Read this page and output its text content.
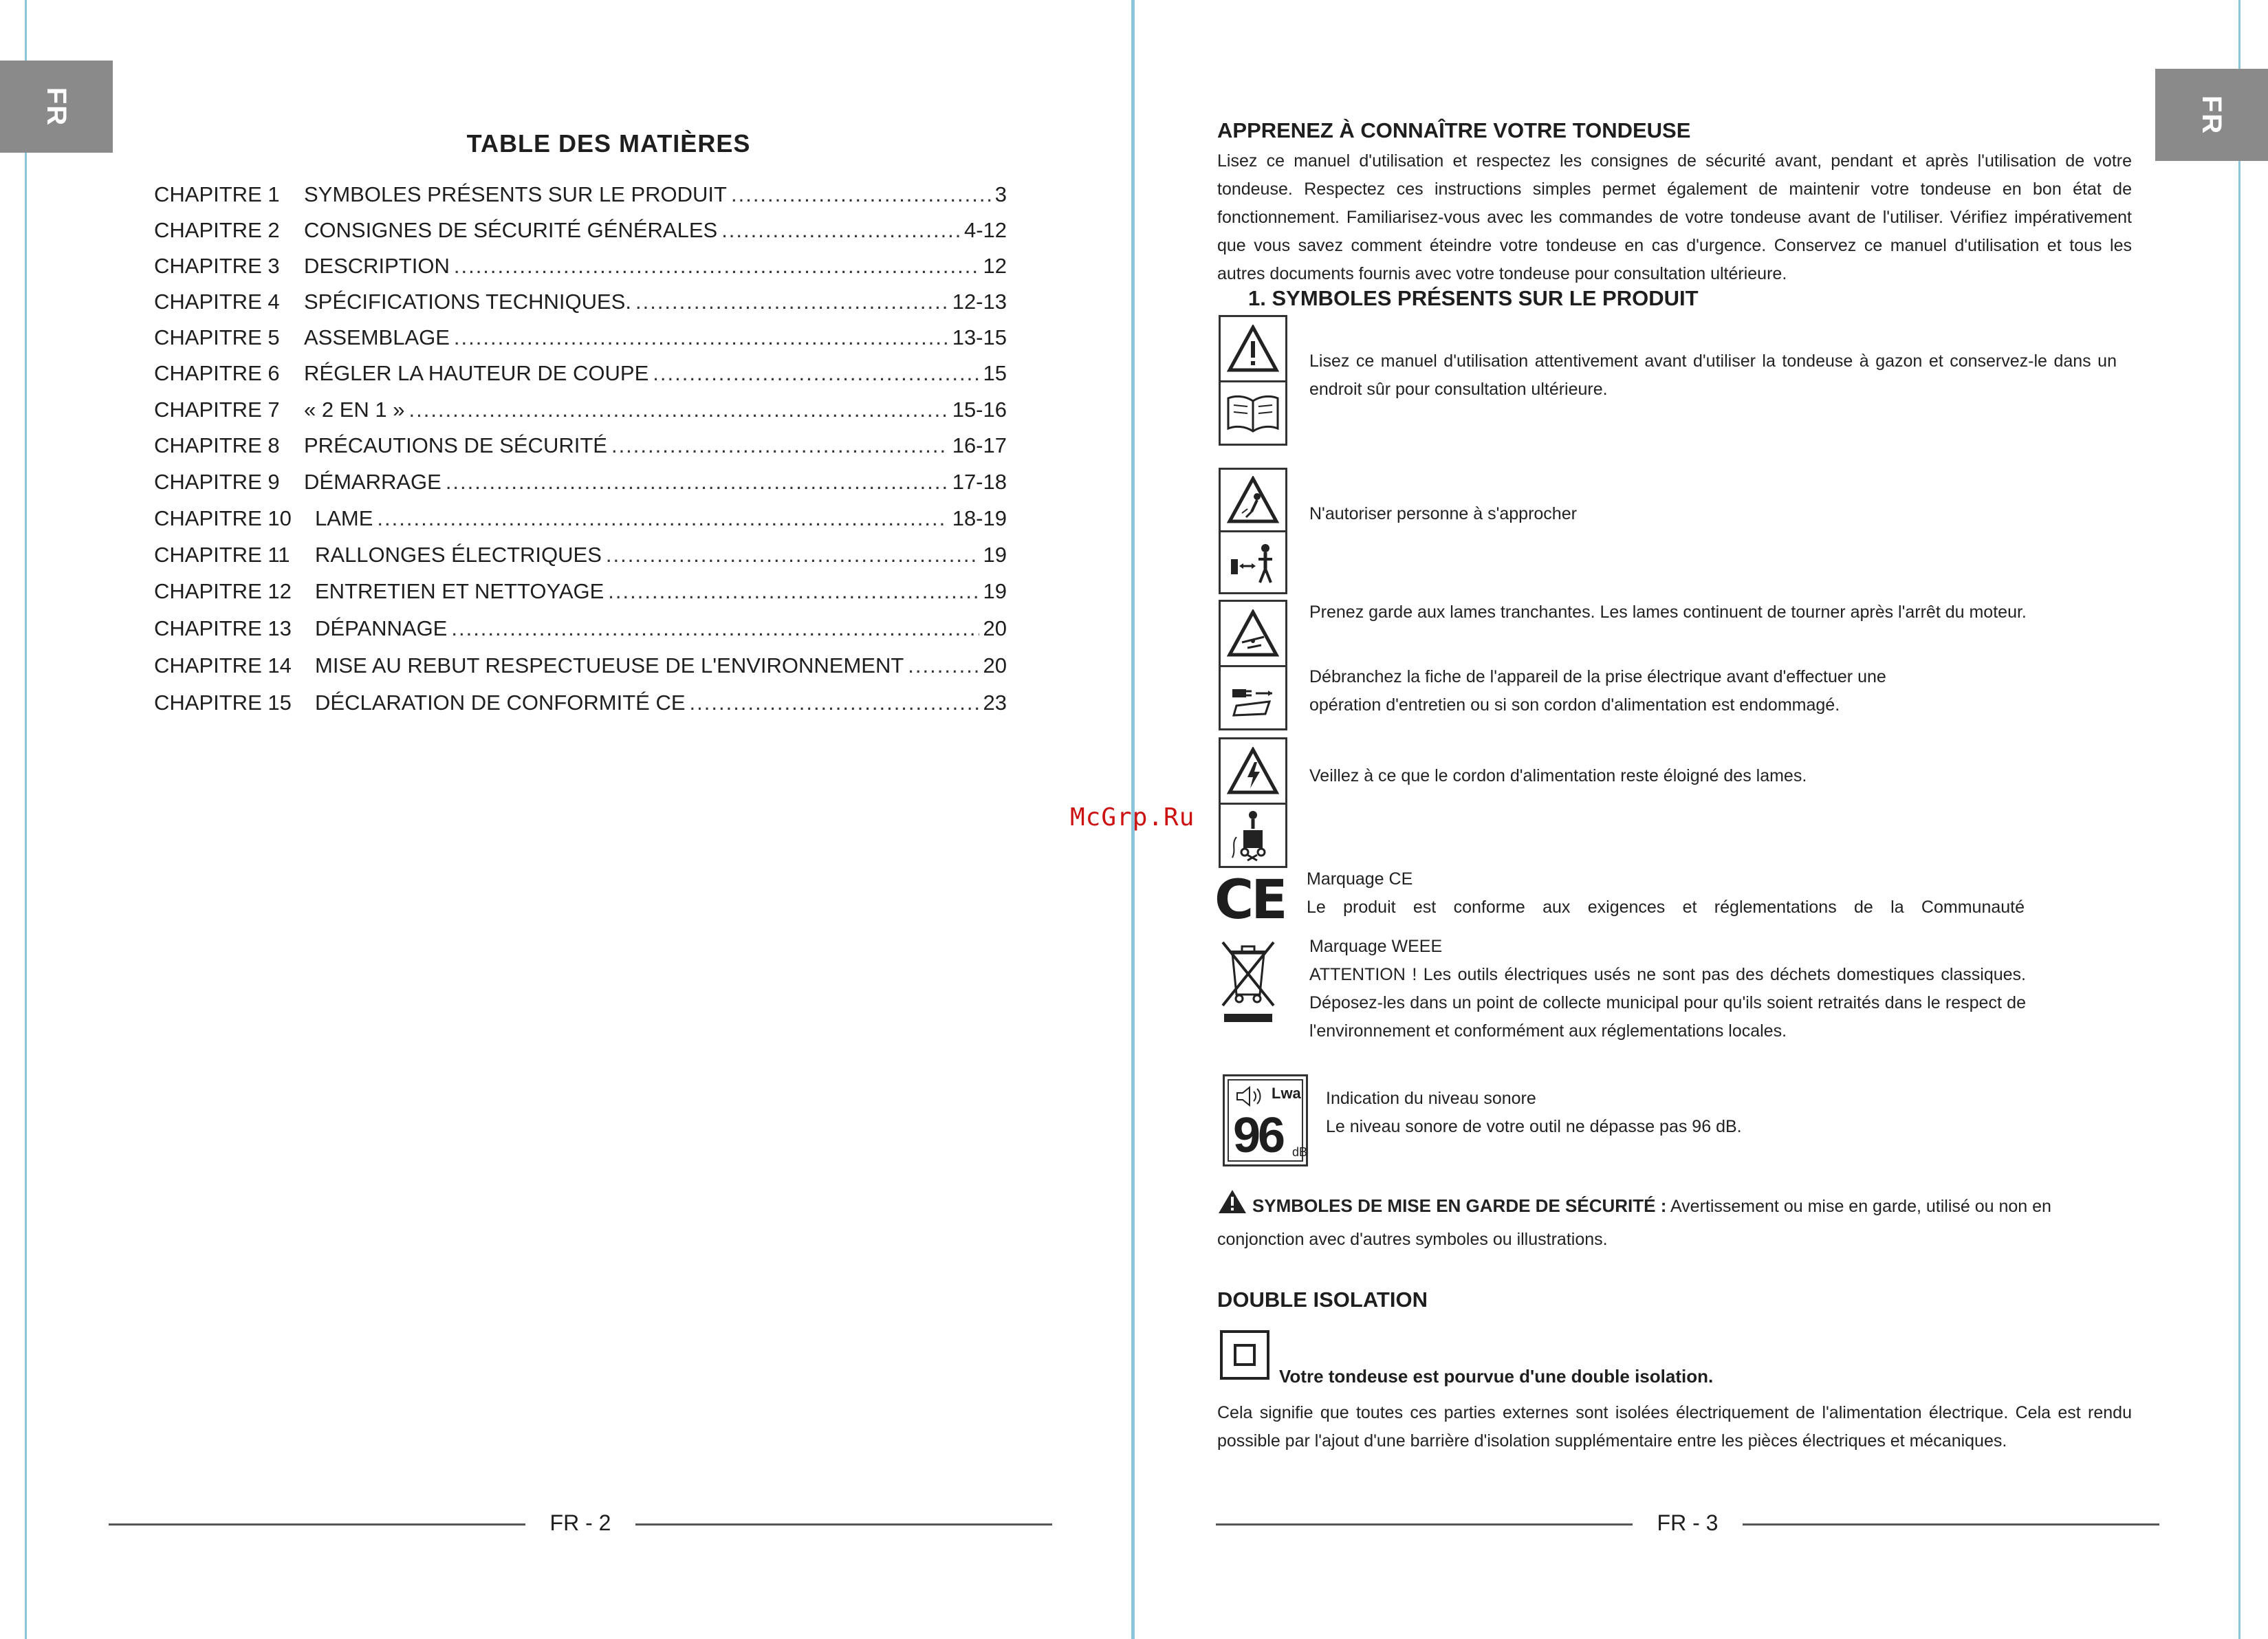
FR
TABLE DES MATIÈRES
CHAPITRE 1	SYMBOLES PRÉSENTS SUR LE PRODUIT .....	3
CHAPITRE 2	CONSIGNES DE SÉCURITÉ GÉNÉRALES .....	4-12
CHAPITRE 3	DESCRIPTION .....	12
CHAPITRE 4	SPÉCIFICATIONS TECHNIQUES. .....	12-13
CHAPITRE 5	ASSEMBLAGE .....	13-15
CHAPITRE 6	RÉGLER LA HAUTEUR DE COUPE .....	15
CHAPITRE 7	« 2 EN 1 » .....	15-16
CHAPITRE 8	PRÉCAUTIONS DE SÉCURITÉ .....	16-17
CHAPITRE 9	DÉMARRAGE .....	17-18
CHAPITRE 10	LAME .....	18-19
CHAPITRE 11	RALLONGES ÉLECTRIQUES .....	19
CHAPITRE 12	ENTRETIEN ET NETTOYAGE .....	19
CHAPITRE 13	DÉPANNAGE .....	20
CHAPITRE 14	MISE AU REBUT RESPECTUEUSE DE L'ENVIRONNEMENT .....	20
CHAPITRE 15	DÉCLARATION DE CONFORMITÉ CE .....	23
FR - 2
McGrp.Ru
FR
APPRENEZ À CONNAÎTRE VOTRE TONDEUSE
Lisez ce manuel d'utilisation et respectez les consignes de sécurité avant, pendant et après l'utilisation de votre tondeuse. Respectez ces instructions simples permet également de maintenir votre tondeuse en bon état de fonctionnement. Familiarisez-vous avec les commandes de votre tondeuse avant de l'utiliser. Vérifiez impérativement que vous savez comment éteindre votre tondeuse en cas d'urgence. Conservez ce manuel d'utilisation et tous les autres documents fournis avec votre tondeuse pour consultation ultérieure.
1. SYMBOLES PRÉSENTS SUR LE PRODUIT
Lisez ce manuel d'utilisation attentivement avant d'utiliser la tondeuse à gazon et conservez-le dans un endroit sûr pour consultation ultérieure.
N'autoriser personne à s'approcher
Prenez garde aux lames tranchantes. Les lames continuent de tourner après l'arrêt du moteur.
Débranchez la fiche de l'appareil de la prise électrique avant d'effectuer une opération d'entretien ou si son cordon d'alimentation est endommagé.
Veillez à ce que le cordon d'alimentation reste éloigné des lames.
CE Marquage CE
Le produit est conforme aux exigences et réglementations de la Communauté
Marquage WEEE
ATTENTION ! Les outils électriques usés ne sont pas des déchets domestiques classiques. Déposez-les dans un point de collecte municipal pour qu'ils soient retraités dans le respect de l'environnement et conformément aux réglementations locales.
Lwa
96 dB
Indication du niveau sonore
Le niveau sonore de votre outil ne dépasse pas 96 dB.
SYMBOLES DE MISE EN GARDE DE SÉCURITÉ : Avertissement ou mise en garde, utilisé ou non en conjonction avec d'autres symboles ou illustrations.
DOUBLE ISOLATION
Votre tondeuse est pourvue d'une double isolation.
Cela signifie que toutes ces parties externes sont isolées électriquement de l'alimentation électrique. Cela est rendu possible par l'ajout d'une barrière d'isolation supplémentaire entre les pièces électriques et mécaniques.
FR - 3
